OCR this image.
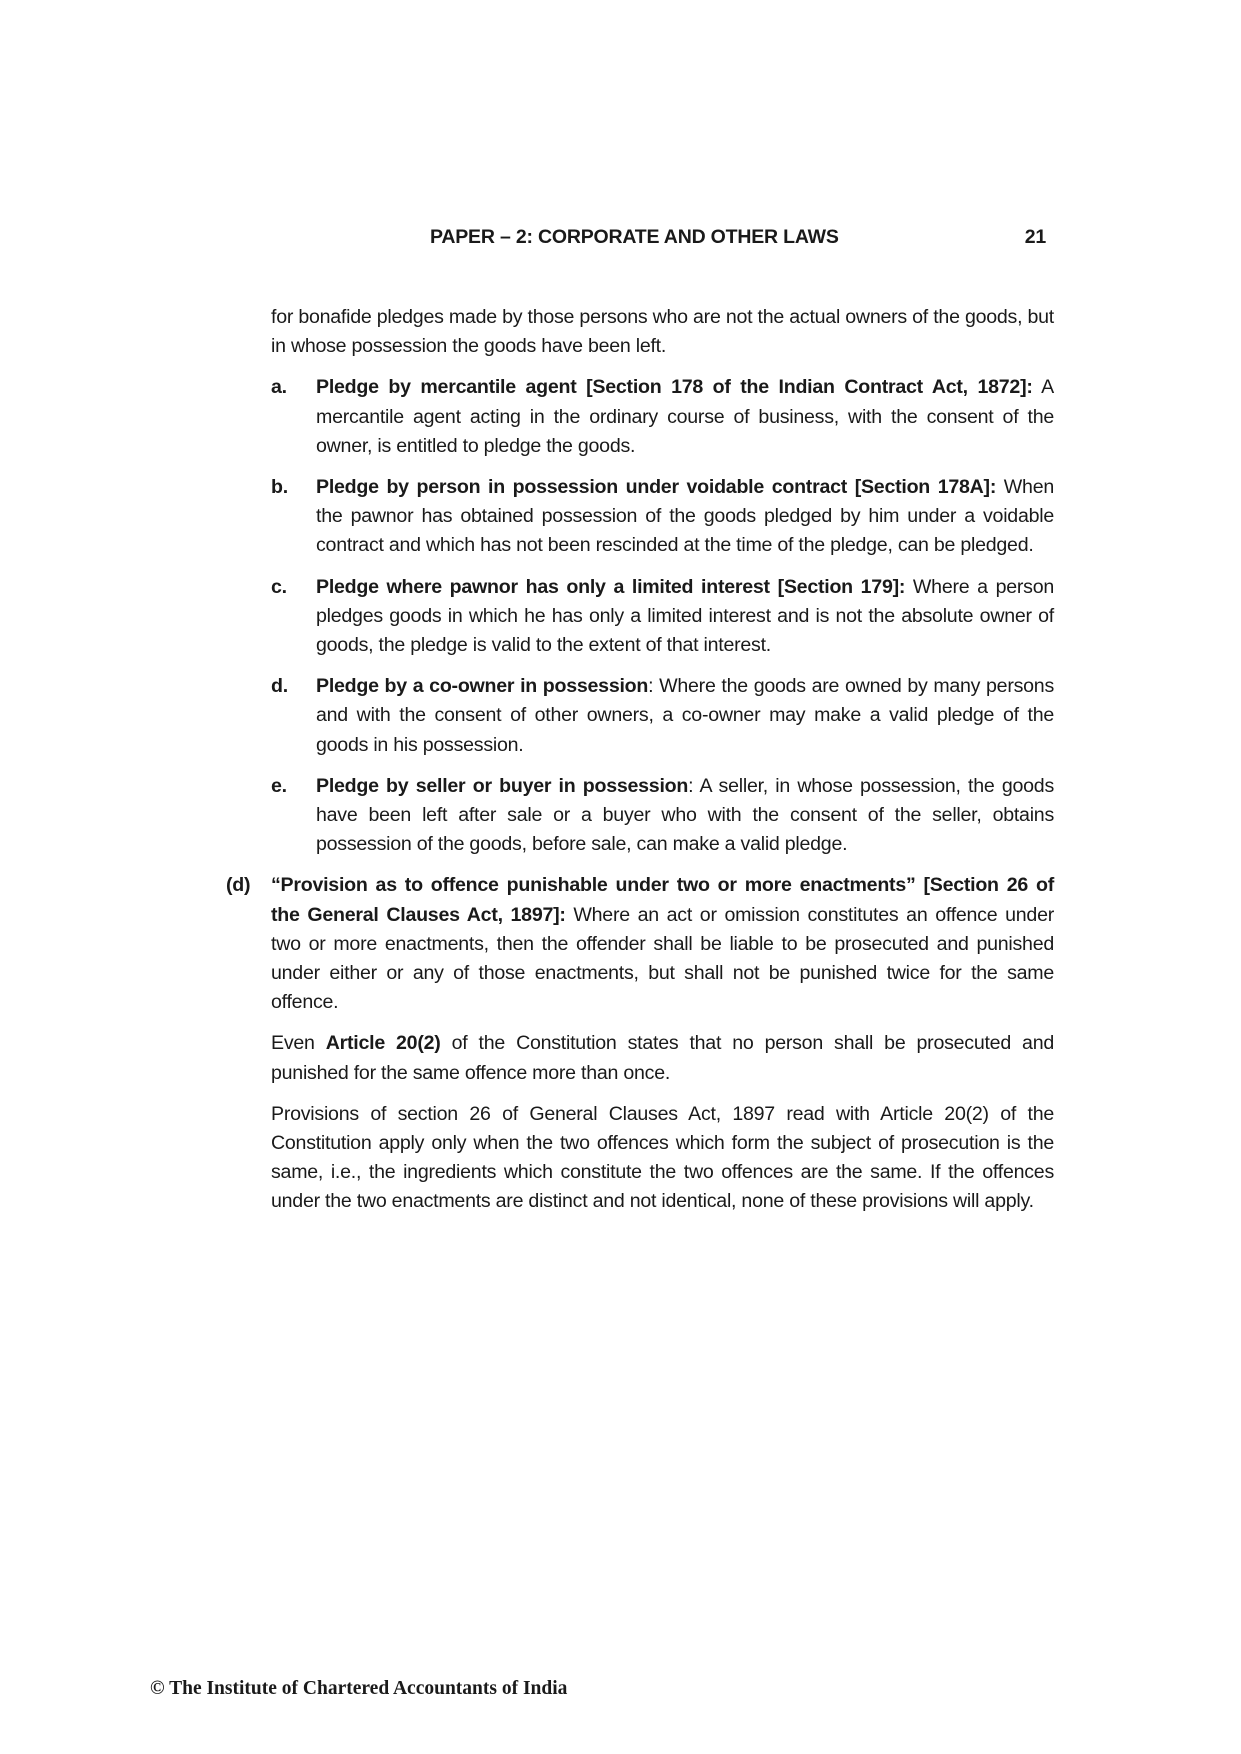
PAPER – 2: CORPORATE AND OTHER LAWS	21

for bonafide pledges made by those persons who are not the actual owners of the goods, but in whose possession the goods have been left.

a.	Pledge by mercantile agent [Section 178 of the Indian Contract Act, 1872]: A mercantile agent acting in the ordinary course of business, with the consent of the owner, is entitled to pledge the goods.
b.	Pledge by person in possession under voidable contract [Section 178A]: When the pawnor has obtained possession of the goods pledged by him under a voidable contract and which has not been rescinded at the time of the pledge, can be pledged.
c.	Pledge where pawnor has only a limited interest [Section 179]: Where a person pledges goods in which he has only a limited interest and is not the absolute owner of goods, the pledge is valid to the extent of that interest.
d.	Pledge by a co-owner in possession: Where the goods are owned by many persons and with the consent of other owners, a co-owner may make a valid pledge of the goods in his possession.
e.	Pledge by seller or buyer in possession: A seller, in whose possession, the goods have been left after sale or a buyer who with the consent of the seller, obtains possession of the goods, before sale, can make a valid pledge.
(d)	“Provision as to offence punishable under two or more enactments” [Section 26 of the General Clauses Act, 1897]: Where an act or omission constitutes an offence under two or more enactments, then the offender shall be liable to be prosecuted and punished under either or any of those enactments, but shall not be punished twice for the same offence.

Even Article 20(2) of the Constitution states that no person shall be prosecuted and punished for the same offence more than once.

Provisions of section 26 of General Clauses Act, 1897 read with Article 20(2) of the Constitution apply only when the two offences which form the subject of prosecution is the same, i.e., the ingredients which constitute the two offences are the same. If the offences under the two enactments are distinct and not identical, none of these provisions will apply.

© The Institute of Chartered Accountants of India
